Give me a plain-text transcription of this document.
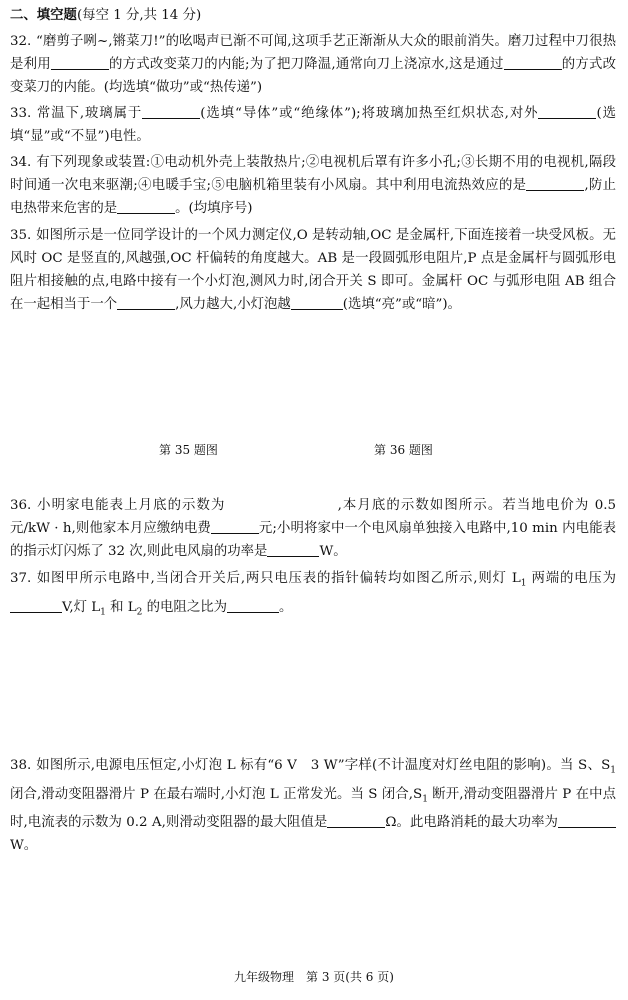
二、填空题(每空 1 分,共 14 分)
32. “磨剪子咧~,锵菜刀!”的吆喝声已渐不可闻,这项手艺正渐渐从大众的眼前消失。磨刀过程中刀很热是利用	的方式改变菜刀的内能;为了把刀降温,通常向刀上浇凉水,这是通过	的方式改变菜刀的内能。(均选填“做功”或“热传递”)
33. 常温下,玻璃属于	(选填“导体”或“绝缘体”);将玻璃加热至红炽状态,对外	(选填“显”或“不显”)电性。
34. 有下列现象或装置:①电动机外壳上装散热片;②电视机后罩有许多小孔;③长期不用的电视机,隔段时间通一次电来驱潮;④电暖手宝;⑤电脑机箱里装有小风扇。其中利用电流热效应的是	,防止电热带来危害的是	。(均填序号)
35. 如图所示是一位同学设计的一个风力测定仪,O 是转动轴,OC 是金属杆,下面连接着一块受风板。无风时 OC 是竖直的,风越强,OC 杆偏转的角度越大。AB 是一段圆弧形电阻片,P 点是金属杆与圆弧形电阻片相接触的点,电路中接有一个小灯泡,测风力时,闭合开关 S 即可。金属杆 OC 与弧形电阻 AB 组合在一起相当于一个	,风力越大,小灯泡越	(选填“亮”或“暗”)。
第 35 题图	第 36 题图
36. 小明家电能表上月底的示数为	,本月底的示数如图所示。若当地电价为 0.5 元/kW · h,则他家本月应缴纳电费	元;小明将家中一个电风扇单独接入电路中,10 min 内电能表的指示灯闪烁了 32 次,则此电风扇的功率是	W。
37. 如图甲所示电路中,当闭合开关后,两只电压表的指针偏转均如图乙所示,则灯 $L_1$ 两端的电压为V,灯 $L_1$ 和 $L_2$ 的电阻之比为	。
38. 如图所示,电源电压恒定,小灯泡 L 标有“6 V　3 W”字样(不计温度对灯丝电阻的影响)。当 S、$S_1$ 闭合,滑动变阻器滑片 P 在最右端时,小灯泡 L 正常发光。当 S 闭合$,S_1$ 断开,滑动变阻器滑片 P 在中点时,电流表的示数为 0.2 A,则滑动变阻器的最大阻值是	Ω。此电路消耗的最大功率为W。
九年级物理　第 3 页(共 6 页)
